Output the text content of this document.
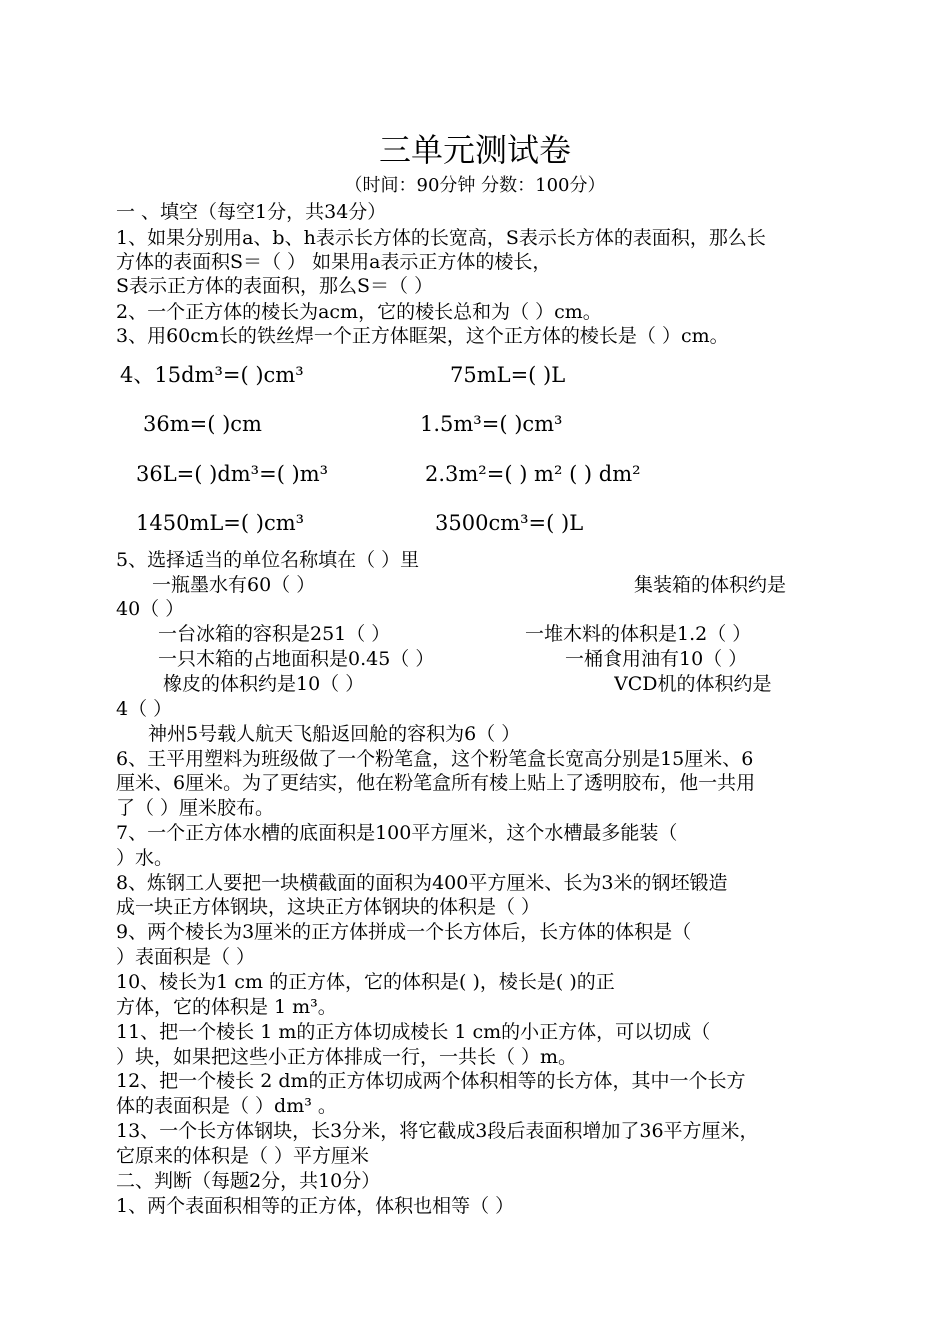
三单元测试卷
（时间：90分钟 分数：100分）
一 、填空（每空1分，共34分）
1、如果分别用a、b、h表示长方体的长宽高，S表示长方体的表面积，那么长
方体的表面积S＝（ ） 如果用a表示正方体的棱长，
S表示正方体的表面积，那么S＝（ ）
2、一个正方体的棱长为acm，它的棱长总和为（ ）cm。
3、用60cm长的铁丝焊一个正方体眶架，这个正方体的棱长是（ ）cm。
4、15dm³=( )cm³	75mL=( )L
36m=( )cm	1.5m³=( )cm³
36L=( )dm³=( )m³	2.3m²=( ) m² ( ) dm²
1450mL=( )cm³	3500cm³=( )L
5、选择适当的单位名称填在（ ）里
一瓶墨水有60（ ）	集装箱的体积约是
40（ ）
一台冰箱的容积是251（ ）	一堆木料的体积是1.2（ ）
一只木箱的占地面积是0.45（ ）	一桶食用油有10（ ）
橡皮的体积约是10（ ）	VCD机的体积约是
4（ ）
神州5号载人航天飞船返回舱的容积为6（ ）
6、王平用塑料为班级做了一个粉笔盒，这个粉笔盒长宽高分别是15厘米、6
厘米、6厘米。为了更结实，他在粉笔盒所有棱上贴上了透明胶布，他一共用
了（ ）厘米胶布。
7、一个正方体水槽的底面积是100平方厘米，这个水槽最多能装（
）水。
8、炼钢工人要把一块横截面的面积为400平方厘米、长为3米的钢坯锻造
成一块正方体钢块，这块正方体钢块的体积是（ ）
9、两个棱长为3厘米的正方体拼成一个长方体后，长方体的体积是（
）表面积是（ ）
10、棱长为1 cm 的正方体，它的体积是( )，棱长是( )的正
方体，它的体积是 1 m³。
11、把一个棱长 1 m的正方体切成棱长 1 cm的小正方体，可以切成（
）块，如果把这些小正方体排成一行，一共长（ ）m。
12、把一个棱长 2 dm的正方体切成两个体积相等的长方体，其中一个长方
体的表面积是（ ）dm³ 。
13、一个长方体钢块，长3分米，将它截成3段后表面积增加了36平方厘米，
它原来的体积是（ ）平方厘米
二、判断（每题2分，共10分）
1、两个表面积相等的正方体，体积也相等（ ）
